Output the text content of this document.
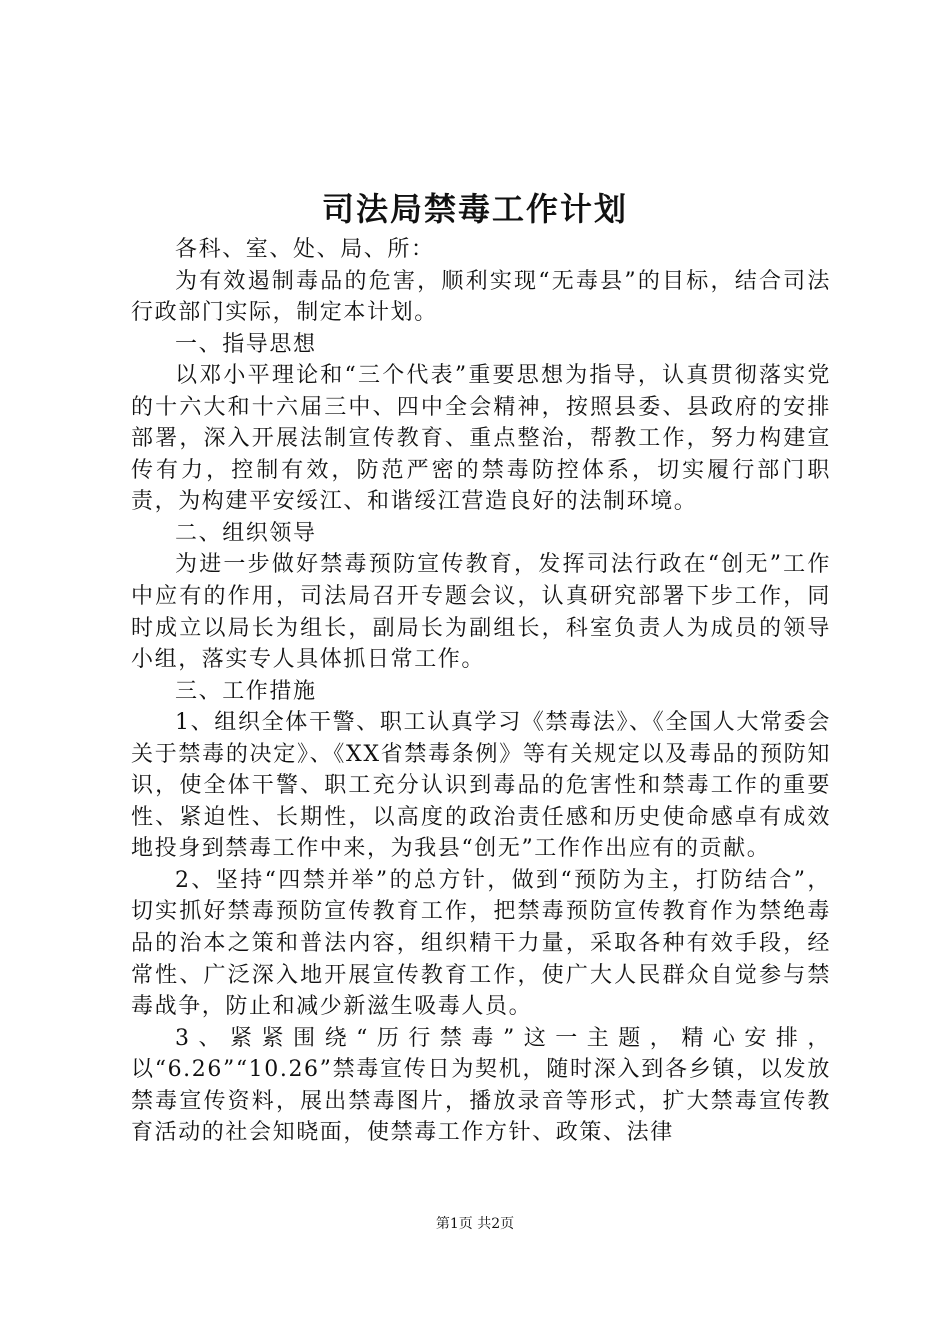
司法局禁毒工作计划

各科、室、处、局、所：

为有效遏制毒品的危害，顺利实现“无毒县”的目标，结合司法行政部门实际，制定本计划。

一、指导思想

以邓小平理论和“三个代表”重要思想为指导，认真贯彻落实党的十六大和十六届三中、四中全会精神，按照县委、县政府的安排部署，深入开展法制宣传教育、重点整治，帮教工作，努力构建宣传有力，控制有效，防范严密的禁毒防控体系，切实履行部门职责，为构建平安绥江、和谐绥江营造良好的法制环境。

二、组织领导

为进一步做好禁毒预防宣传教育，发挥司法行政在“创无”工作中应有的作用，司法局召开专题会议，认真研究部署下步工作，同时成立以局长为组长，副局长为副组长，科室负责人为成员的领导小组，落实专人具体抓日常工作。

三、工作措施

1、组织全体干警、职工认真学习《禁毒法》、《全国人大常委会关于禁毒的决定》、《XX省禁毒条例》等有关规定以及毒品的预防知识，使全体干警、职工充分认识到毒品的危害性和禁毒工作的重要性、紧迫性、长期性，以高度的政治责任感和历史使命感卓有成效地投身到禁毒工作中来，为我县“创无”工作作出应有的贡献。

2、坚持“四禁并举”的总方针，做到“预防为主，打防结合”，切实抓好禁毒预防宣传教育工作，把禁毒预防宣传教育作为禁绝毒品的治本之策和普法内容，组织精干力量，采取各种有效手段，经常性、广泛深入地开展宣传教育工作，使广大人民群众自觉参与禁毒战争，防止和减少新滋生吸毒人员。

3、紧紧围绕“历行禁毒”这一主题，精心安排，以“6.26”“10.26”禁毒宣传日为契机，随时深入到各乡镇，以发放禁毒宣传资料，展出禁毒图片，播放录音等形式，扩大禁毒宣传教育活动的社会知晓面，使禁毒工作方针、政策、法律

第1页 共2页
